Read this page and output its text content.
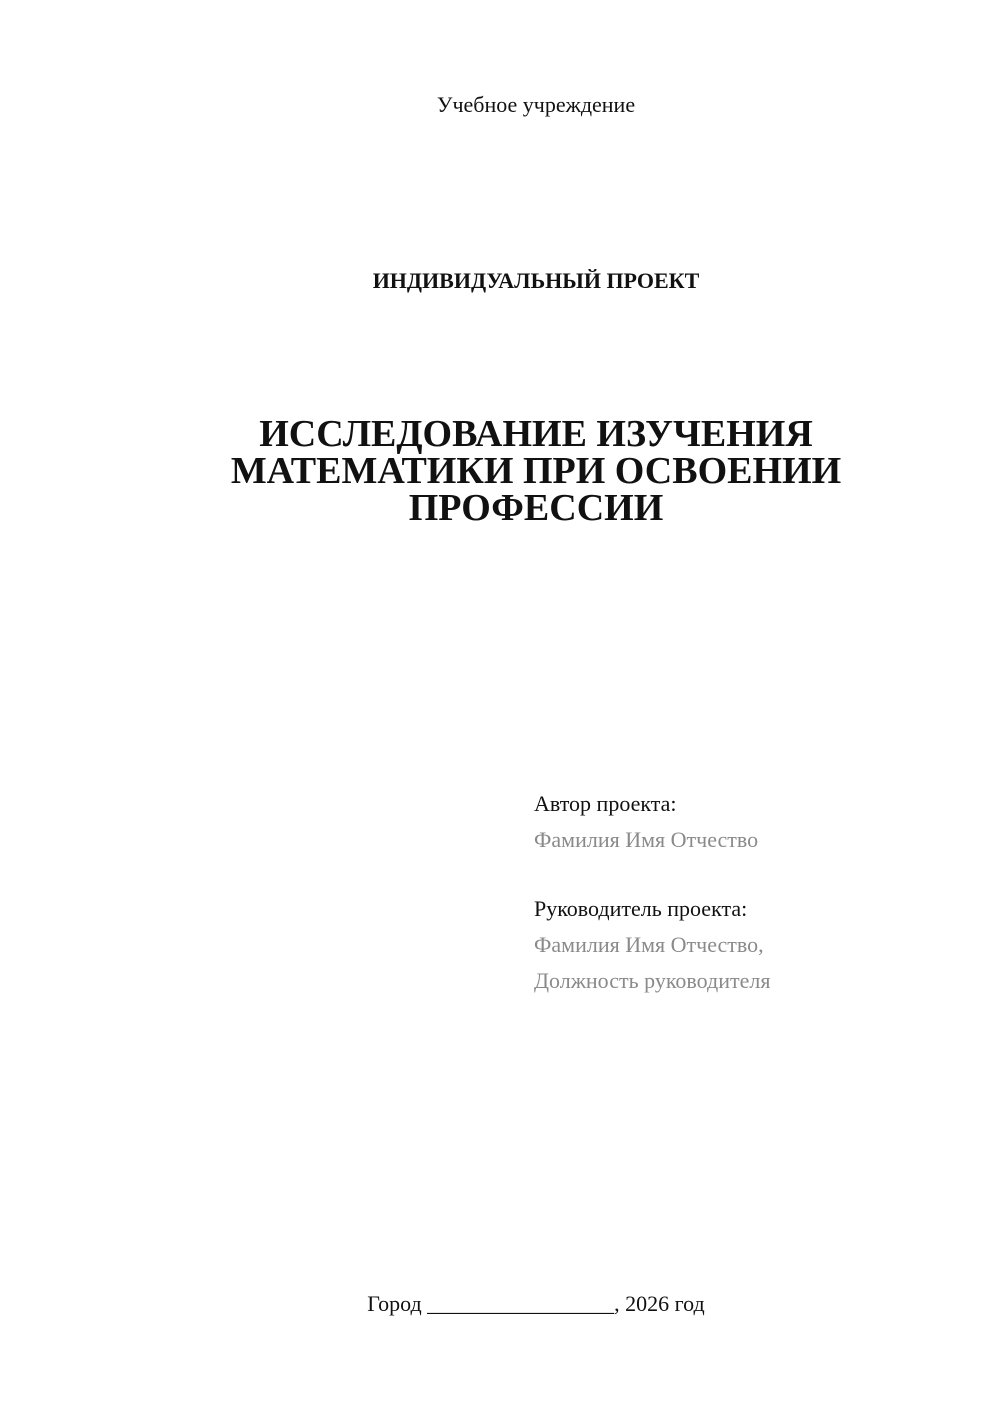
Учебное учреждение
ИНДИВИДУАЛЬНЫЙ ПРОЕКТ
ИССЛЕДОВАНИЕ ИЗУЧЕНИЯ
МАТЕМАТИКИ ПРИ ОСВОЕНИИ
ПРОФЕССИИ
Автор проекта:
Фамилия Имя Отчество
Руководитель проекта:
Фамилия Имя Отчество,
Должность руководителя
Город _________________, 2026 год
